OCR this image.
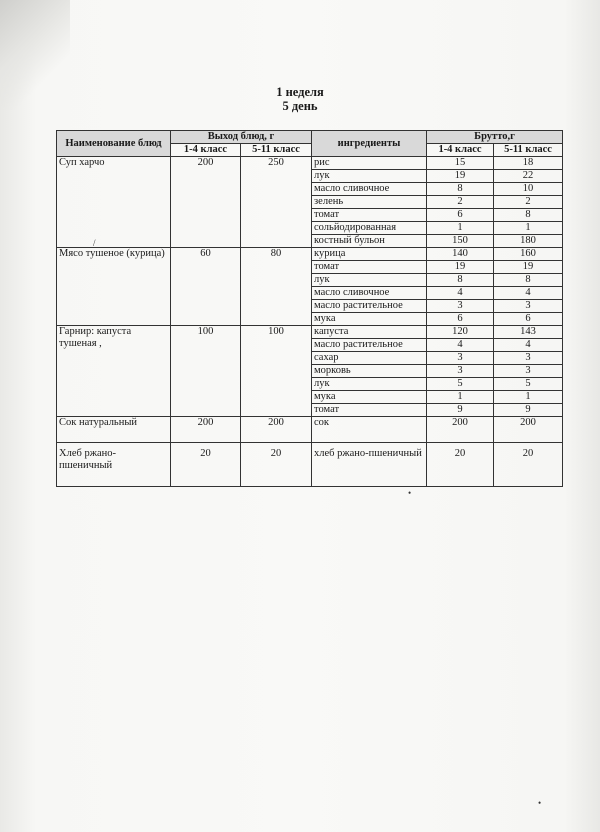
1 неделя
5 день
Наименование блюд	Выход блюд, г		ингредиенты	Брутто,г	
	1-4 класс	5-11 класс		1-4 класс	5-11 класс
Суп харчо	200	250	рис	15	18
			лук	19	22
			масло сливочное	8	10
			зелень	2	2
			томат	6	8
			сольйодированная	1	1
			костный бульон	150	180
Мясо тушеное (курица)	60	80	курица	140	160
			томат	19	19
			лук	8	8
			масло сливочное	4	4
			масло растительное	3	3
			мука	6	6
Гарнир: капуста тушеная ,	100	100	капуста	120	143
			масло растительное	4	4
			сахар	3	3
			морковь	3	3
			лук	5	5
			мука	1	1
			томат	9	9
Сок натуральный	200	200	сок	200	200
Хлеб ржано-пшеничный	20	20	хлеб ржано-пшеничный	20	20
/
•
•
